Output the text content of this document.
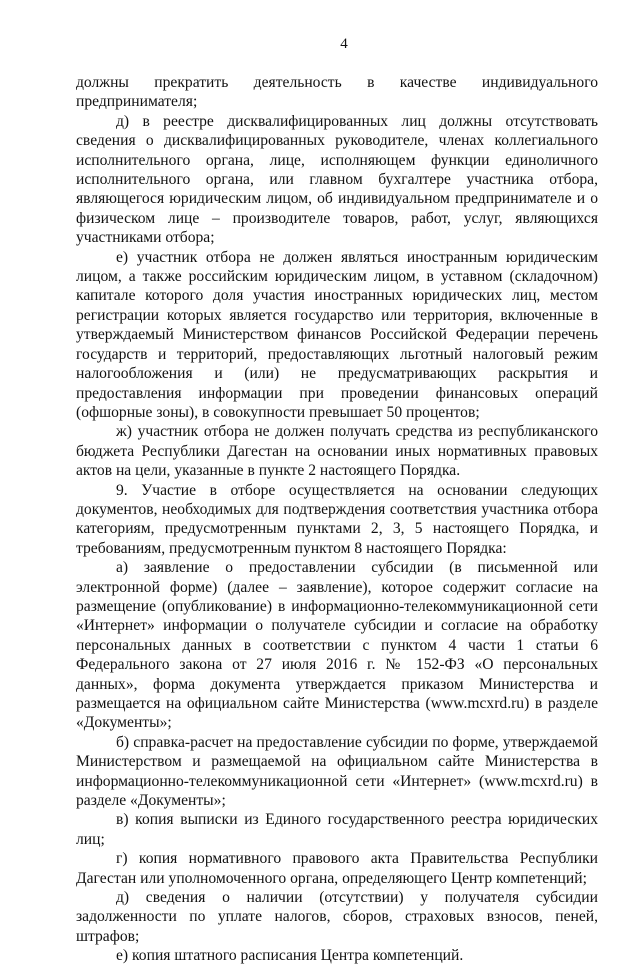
4

должны прекратить деятельность в качестве индивидуального предпринимателя;

д) в реестре дисквалифицированных лиц должны отсутствовать сведения о дисквалифицированных руководителе, членах коллегиального исполнительного органа, лице, исполняющем функции единоличного исполнительного органа, или главном бухгалтере участника отбора, являющегося юридическим лицом, об индивидуальном предпринимателе и о физическом лице – производителе товаров, работ, услуг, являющихся участниками отбора;

е) участник отбора не должен являться иностранным юридическим лицом, а также российским юридическим лицом, в уставном (складочном) капитале которого доля участия иностранных юридических лиц, местом регистрации которых является государство или территория, включенные в утверждаемый Министерством финансов Российской Федерации перечень государств и территорий, предоставляющих льготный налоговый режим налогообложения и (или) не предусматривающих раскрытия и предоставления информации при проведении финансовых операций (офшорные зоны), в совокупности превышает 50 процентов;

ж) участник отбора не должен получать средства из республиканского бюджета Республики Дагестан на основании иных нормативных правовых актов на цели, указанные в пункте 2 настоящего Порядка.

9. Участие в отборе осуществляется на основании следующих документов, необходимых для подтверждения соответствия участника отбора категориям, предусмотренным пунктами 2, 3, 5 настоящего Порядка, и требованиям, предусмотренным пунктом 8 настоящего Порядка:

а) заявление о предоставлении субсидии (в письменной или электронной форме) (далее – заявление), которое содержит согласие на размещение (опубликование) в информационно-телекоммуникационной сети «Интернет» информации о получателе субсидии и согласие на обработку персональных данных в соответствии с пунктом 4 части 1 статьи 6 Федерального закона от 27 июля 2016 г. № 152-ФЗ «О персональных данных», форма документа утверждается приказом Министерства и размещается на официальном сайте Министерства (www.mcxrd.ru) в разделе «Документы»;

б) справка-расчет на предоставление субсидии по форме, утверждаемой Министерством и размещаемой на официальном сайте Министерства в информационно-телекоммуникационной сети «Интернет» (www.mcxrd.ru) в разделе «Документы»;

в) копия выписки из Единого государственного реестра юридических лиц;

г) копия нормативного правового акта Правительства Республики Дагестан или уполномоченного органа, определяющего Центр компетенций;

д) сведения о наличии (отсутствии) у получателя субсидии задолженности по уплате налогов, сборов, страховых взносов, пеней, штрафов;

е) копия штатного расписания Центра компетенций.
